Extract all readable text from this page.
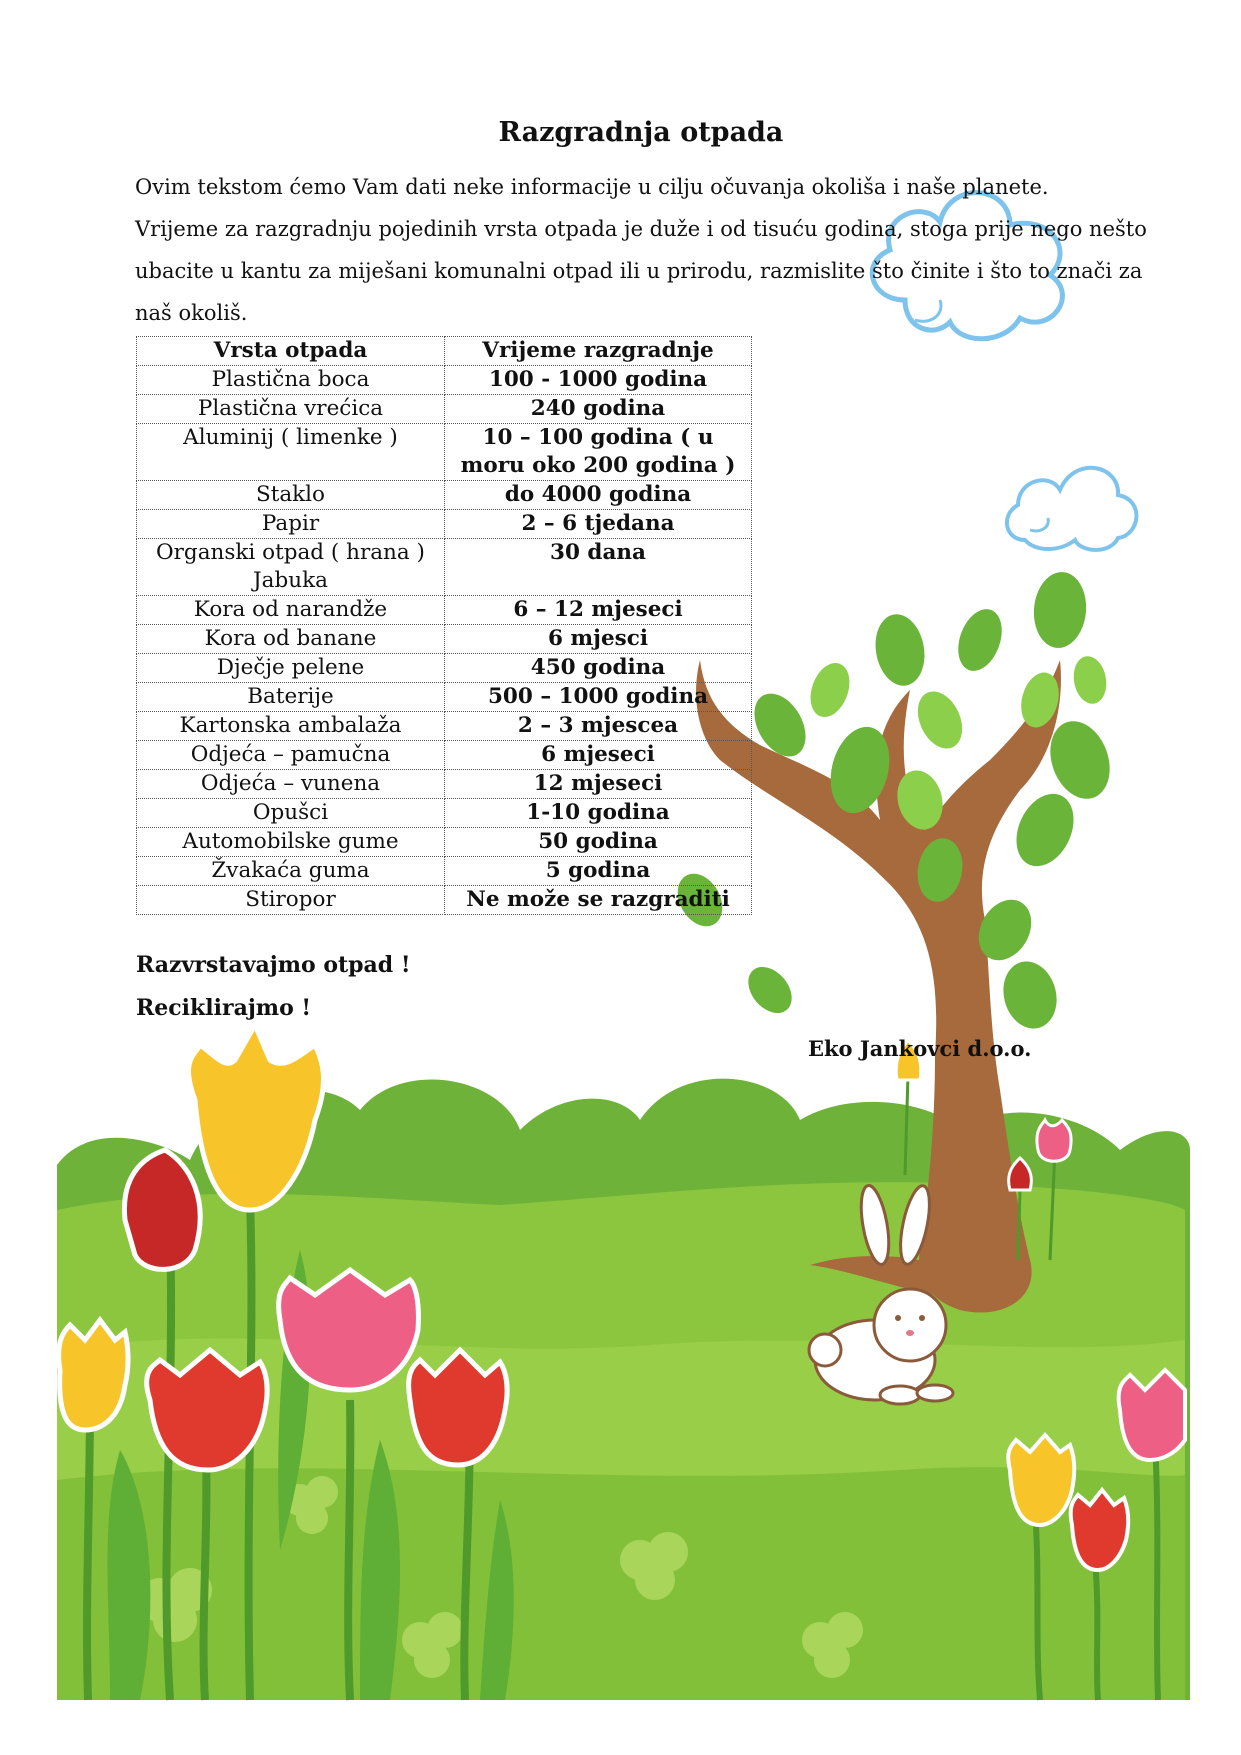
Razgradnja otpada

Ovim tekstom ćemo Vam dati neke informacije u cilju očuvanja okoliša i naše planete.

Vrijeme za razgradnju pojedinih vrsta otpada je duže i od tisuću godina, stoga prije nego nešto ubacite u kantu za miješani komunalni otpad ili u prirodu, razmislite što činite i što to znači za naš okoliš.

Vrsta otpada	Vrijeme razgradnje
Plastična boca	100 - 1000 godina
Plastična vrećica	240 godina
Aluminij ( limenke )	10 – 100 godina ( u moru oko 200 godina )
Staklo	do 4000 godina
Papir	2 – 6 tjedana
Organski otpad ( hrana ) Jabuka	30 dana
Kora od narandže	6 – 12 mjeseci
Kora od banane	6 mjesci
Dječje pelene	450 godina
Baterije	500 – 1000 godina
Kartonska ambalaža	2 – 3 mjescea
Odjeća – pamučna	6 mjeseci
Odjeća – vunena	12 mjeseci
Opušci	1-10 godina
Automobilske gume	50 godina
Žvakaća guma	5 godina
Stiropor	Ne može se razgraditi
Razvrstavajmo otpad !
Reciklirajmo !
Eko Jankovci d.o.o.
